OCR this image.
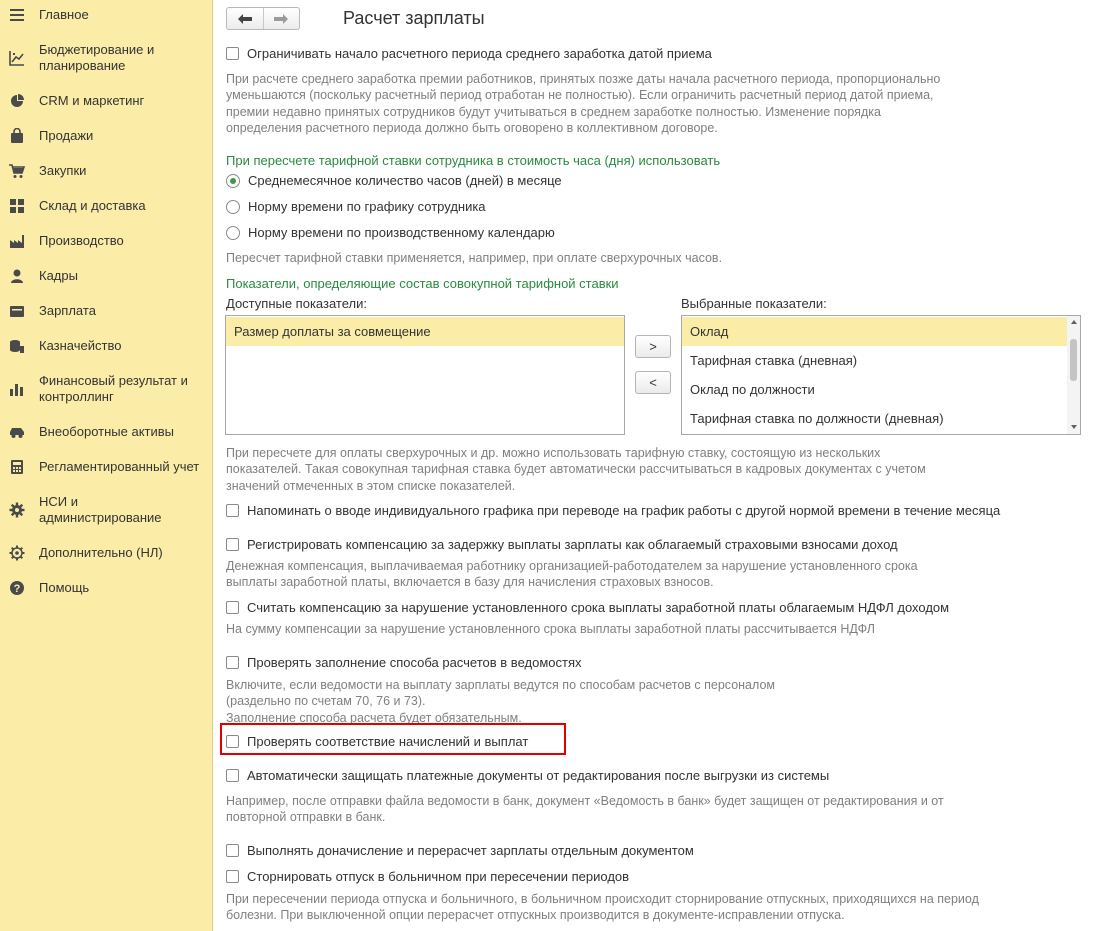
Главное
Бюджетирование и планирование
CRM и маркетинг
Продажи
Закупки
Склад и доставка
Производство
Кадры
Зарплата
Казначейство
Финансовый результат и контроллинг
Внеоборотные активы
Регламентированный учет
НСИ и администрирование
Дополнительно (НЛ)
? Помощь
Расчет зарплаты
Ограничивать начало расчетного периода среднего заработка датой приема
При расчете среднего заработка премии работников, принятых позже даты начала расчетного периода, пропорционально
уменьшаются (поскольку расчетный период отработан не полностью). Если ограничить расчетный период датой приема,
премии недавно принятых сотрудников будут учитываться в среднем заработке полностью. Изменение порядка
определения расчетного периода должно быть оговорено в коллективном договоре.
При пересчете тарифной ставки сотрудника в стоимость часа (дня) использовать
Среднемесячное количество часов (дней) в месяце
Норму времени по графику сотрудника
Норму времени по производственному календарю
Пересчет тарифной ставки применяется, например, при оплате сверхурочных часов.
Показатели, определяющие состав совокупной тарифной ставки
Доступные показатели:	Выбранные показатели:
Размер доплаты за совмещение
>
<
Оклад
Тарифная ставка (дневная)
Оклад по должности
Тарифная ставка по должности (дневная)
При пересчете для оплаты сверхурочных и др. можно использовать тарифную ставку, состоящую из нескольких
показателей. Такая совокупная тарифная ставка будет автоматически рассчитываться в кадровых документах с учетом
значений отмеченных в этом списке показателей.
Напоминать о вводе индивидуального графика при переводе на график работы с другой нормой времени в течение месяца
Регистрировать компенсацию за задержку выплаты зарплаты как облагаемый страховыми взносами доход
Денежная компенсация, выплачиваемая работнику организацией-работодателем за нарушение установленного срока
выплаты заработной платы, включается в базу для начисления страховых взносов.
Считать компенсацию за нарушение установленного срока выплаты заработной платы облагаемым НДФЛ доходом
На сумму компенсации за нарушение установленного срока выплаты заработной платы рассчитывается НДФЛ
Проверять заполнение способа расчетов в ведомостях
Включите, если ведомости на выплату зарплаты ведутся по способам расчетов с персоналом
(раздельно по счетам 70, 76 и 73).
Заполнение способа расчета будет обязательным.
Проверять соответствие начислений и выплат
Автоматически защищать платежные документы от редактирования после выгрузки из системы
Например, после отправки файла ведомости в банк, документ «Ведомость в банк» будет защищен от редактирования и от
повторной отправки в банк.
Выполнять доначисление и перерасчет зарплаты отдельным документом
Сторнировать отпуск в больничном при пересечении периодов
При пересечении периода отпуска и больничного, в больничном происходит сторнирование отпускных, приходящихся на период
болезни. При выключенной опции перерасчет отпускных производится в документе-исправлении отпуска.
